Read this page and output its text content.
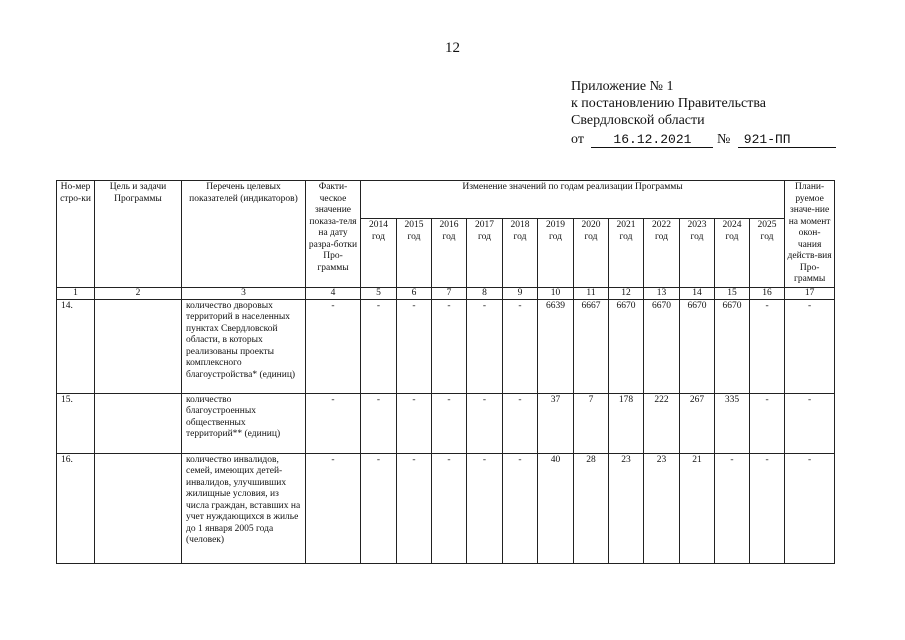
12
Приложение № 1
к постановлению Правительства
Свердловской области
от 16.12.2021 № 921-ПП
Но-мер стро-ки	Цель и задачи Программы	Перечень целевых показателей (индикаторов)	Факти-ческое значение показа-теля на дату разра-ботки Про-граммы	Изменение значений по годам реализации Программы												Плани-руемое значе-ние на момент окон-чания действ-вия Про-граммы
				2014 год	2015 год	2016 год	2017 год	2018 год	2019 год	2020 год	2021 год	2022 год	2023 год	2024 год	2025 год	
1	2	3	4	5	6	7	8	9	10	11	12	13	14	15	16	17
14.		количество дворовых территорий в населенных пунктах Свердловской области, в которых реализованы проекты комплексного благоустройства* (единиц)	-	-	-	-	-	-	6639	6667	6670	6670	6670	6670	-	-
15.		количество благоустроенных общественных территорий** (единиц)	-	-	-	-	-	-	37	7	178	222	267	335	-	-
16.		количество инвалидов, семей, имеющих детей-инвалидов, улучшивших жилищные условия, из числа граждан, вставших на учет нуждающихся в жилье до 1 января 2005 года (человек)	-	-	-	-	-	-	40	28	23	23	21	-	-	-
